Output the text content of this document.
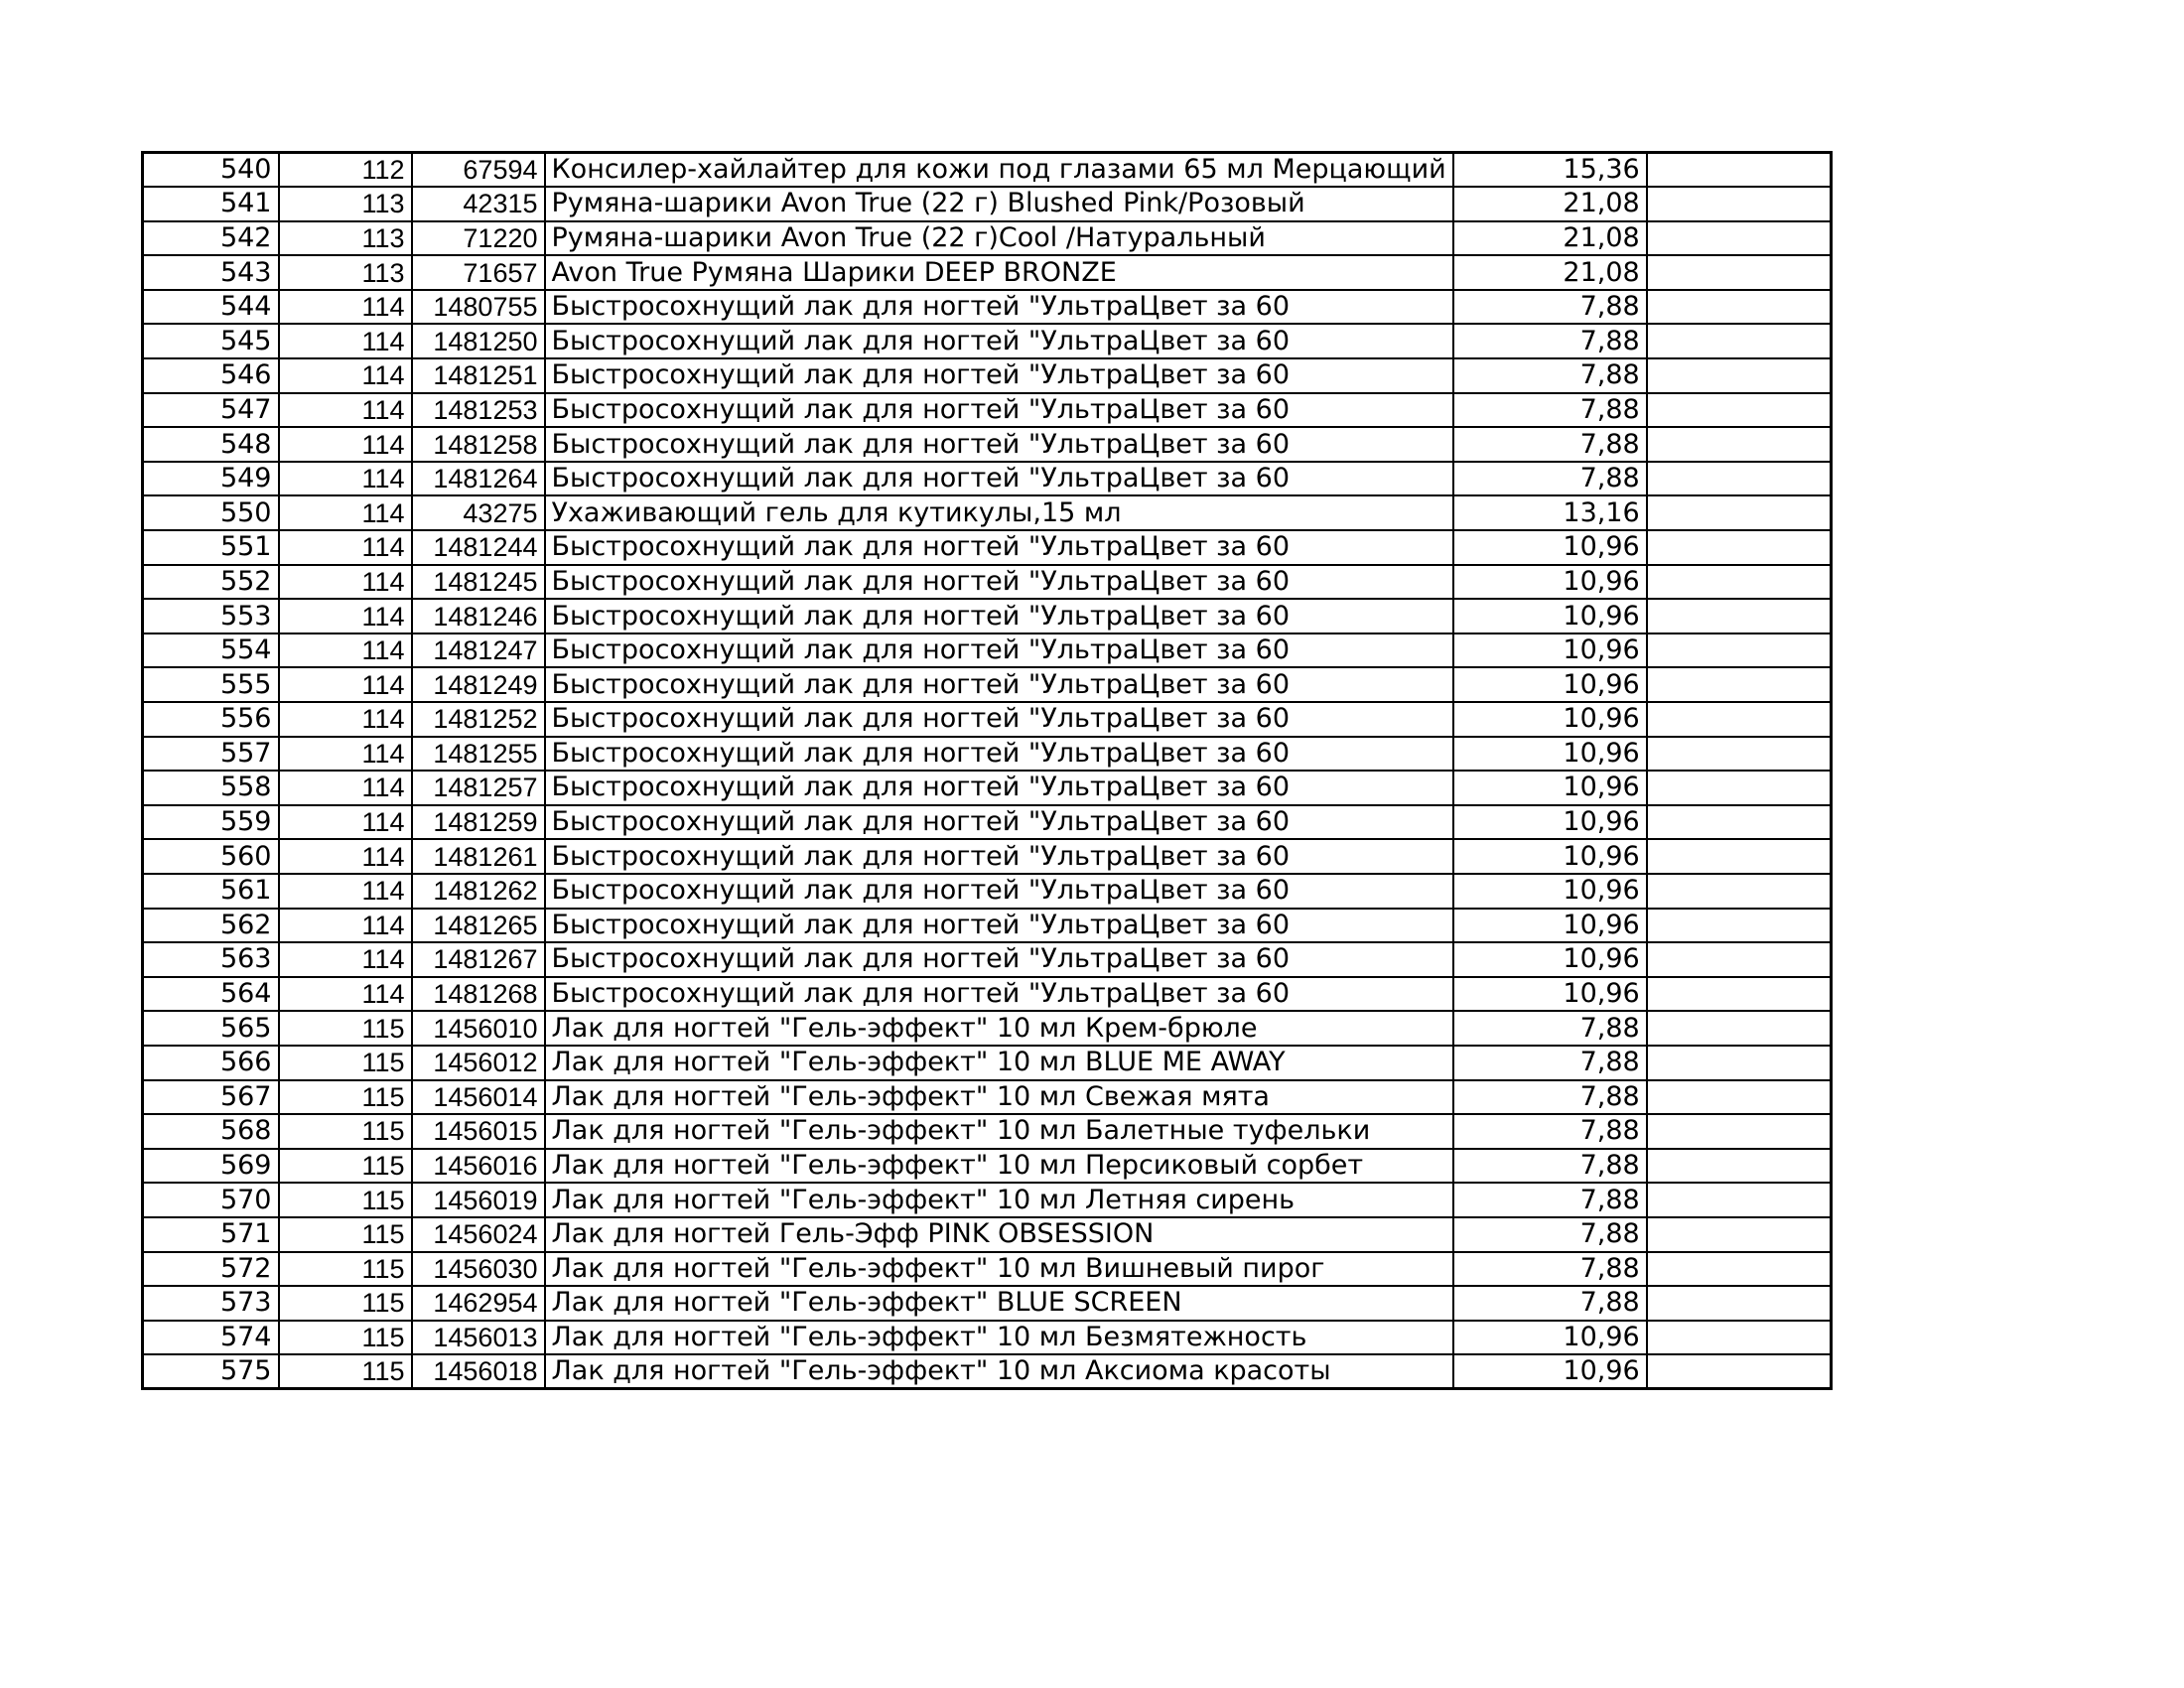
540	112	67594	Консилер-хайлайтер для кожи под глазами 65 мл Мерцающий	15,36	
541	113	42315	Румяна-шарики Avon True (22 г) Blushed Pink/Розовый	21,08	
542	113	71220	Румяна-шарики Avon True (22 г)Cool /Натуральный	21,08	
543	113	71657	Avon True Румяна Шарики DEEP BRONZE	21,08	
544	114	1480755	Быстросохнущий лак для ногтей "УльтраЦвет за 60	7,88	
545	114	1481250	Быстросохнущий лак для ногтей "УльтраЦвет за 60	7,88	
546	114	1481251	Быстросохнущий лак для ногтей "УльтраЦвет за 60	7,88	
547	114	1481253	Быстросохнущий лак для ногтей "УльтраЦвет за 60	7,88	
548	114	1481258	Быстросохнущий лак для ногтей "УльтраЦвет за 60	7,88	
549	114	1481264	Быстросохнущий лак для ногтей "УльтраЦвет за 60	7,88	
550	114	43275	Ухаживающий гель для кутикулы,15 мл	13,16	
551	114	1481244	Быстросохнущий лак для ногтей "УльтраЦвет за 60	10,96	
552	114	1481245	Быстросохнущий лак для ногтей "УльтраЦвет за 60	10,96	
553	114	1481246	Быстросохнущий лак для ногтей "УльтраЦвет за 60	10,96	
554	114	1481247	Быстросохнущий лак для ногтей "УльтраЦвет за 60	10,96	
555	114	1481249	Быстросохнущий лак для ногтей "УльтраЦвет за 60	10,96	
556	114	1481252	Быстросохнущий лак для ногтей "УльтраЦвет за 60	10,96	
557	114	1481255	Быстросохнущий лак для ногтей "УльтраЦвет за 60	10,96	
558	114	1481257	Быстросохнущий лак для ногтей "УльтраЦвет за 60	10,96	
559	114	1481259	Быстросохнущий лак для ногтей "УльтраЦвет за 60	10,96	
560	114	1481261	Быстросохнущий лак для ногтей "УльтраЦвет за 60	10,96	
561	114	1481262	Быстросохнущий лак для ногтей "УльтраЦвет за 60	10,96	
562	114	1481265	Быстросохнущий лак для ногтей "УльтраЦвет за 60	10,96	
563	114	1481267	Быстросохнущий лак для ногтей "УльтраЦвет за 60	10,96	
564	114	1481268	Быстросохнущий лак для ногтей "УльтраЦвет за 60	10,96	
565	115	1456010	Лак для ногтей "Гель-эффект" 10 мл Крем-брюле	7,88	
566	115	1456012	Лак для ногтей "Гель-эффект" 10 мл BLUE ME AWAY	7,88	
567	115	1456014	Лак для ногтей "Гель-эффект" 10 мл Свежая мята	7,88	
568	115	1456015	Лак для ногтей "Гель-эффект" 10 мл Балетные туфельки	7,88	
569	115	1456016	Лак для ногтей "Гель-эффект" 10 мл Персиковый сорбет	7,88	
570	115	1456019	Лак для ногтей "Гель-эффект" 10 мл Летняя сирень	7,88	
571	115	1456024	Лак для ногтей Гель-Эфф PINK OBSESSION	7,88	
572	115	1456030	Лак для ногтей "Гель-эффект" 10 мл Вишневый пирог	7,88	
573	115	1462954	Лак для ногтей "Гель-эффект" BLUE SCREEN	7,88	
574	115	1456013	Лак для ногтей "Гель-эффект" 10 мл Безмятежность	10,96	
575	115	1456018	Лак для ногтей "Гель-эффект" 10 мл Аксиома красоты	10,96	
